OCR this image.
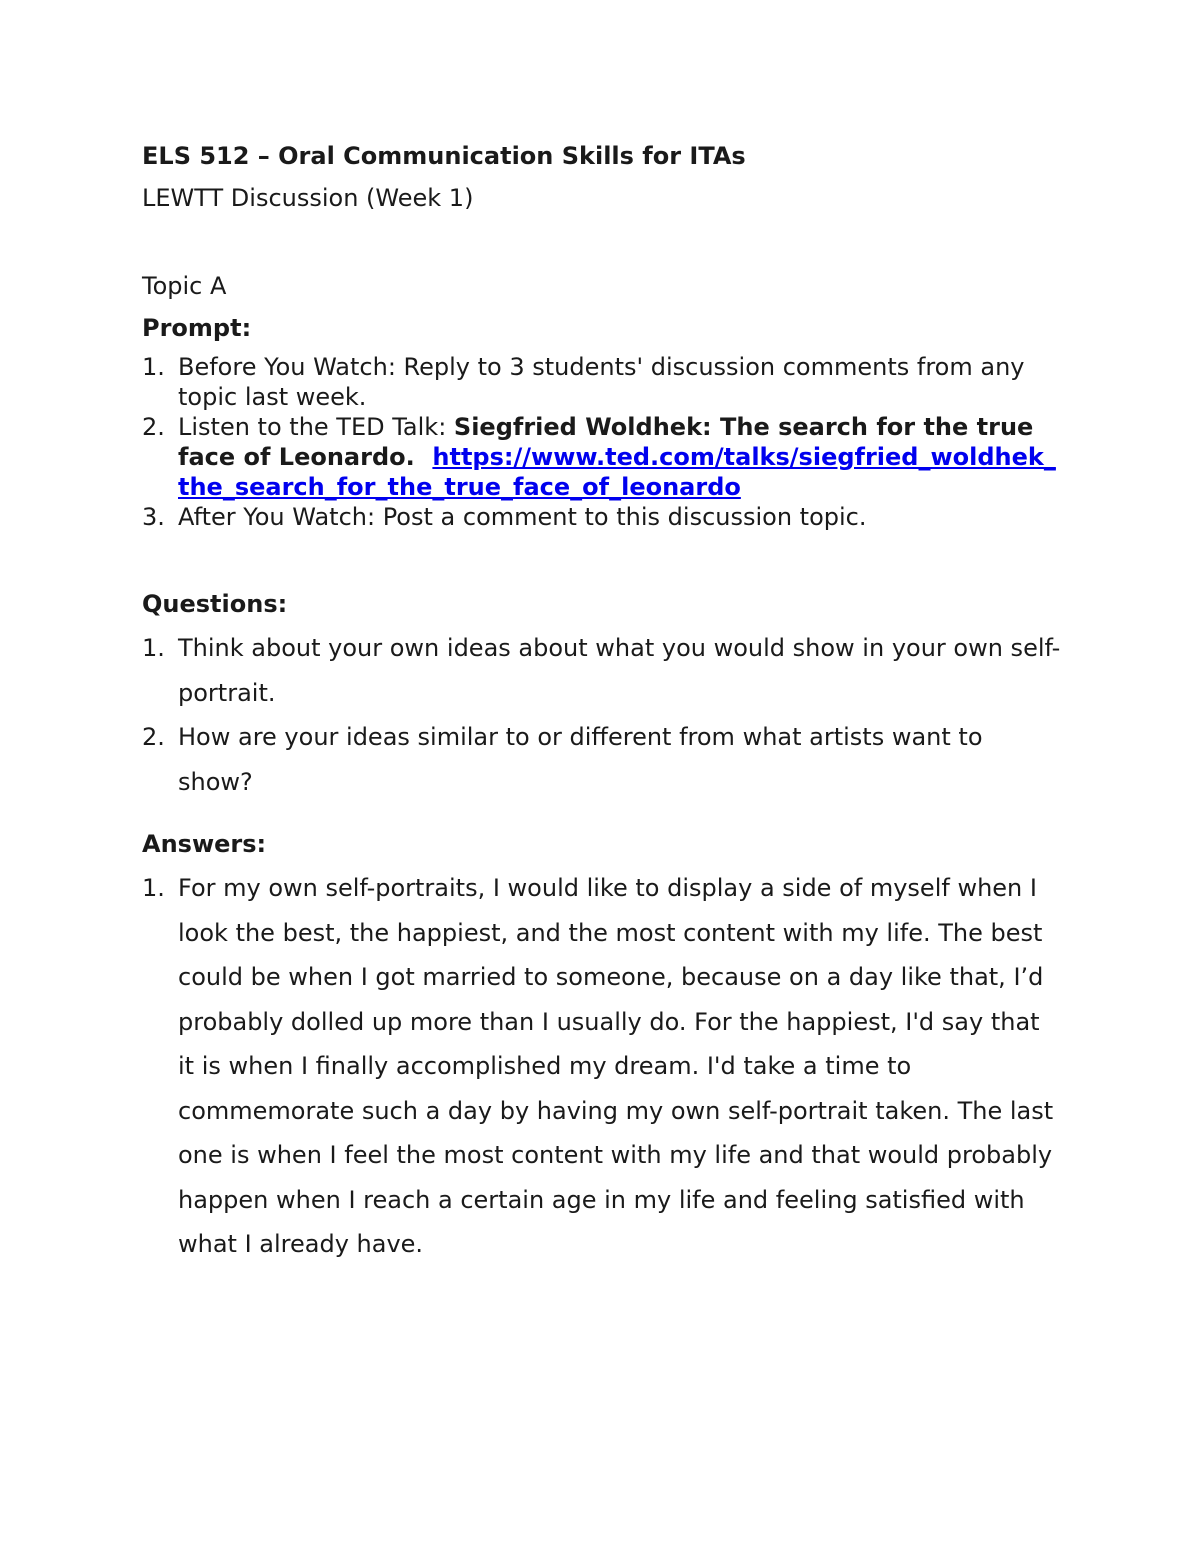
ELS 512 – Oral Communication Skills for ITAs

LEWTT Discussion (Week 1)

Topic A

Prompt:

1. Before You Watch: Reply to 3 students' discussion comments from any topic last week.
2. Listen to the TED Talk: Siegfried Woldhek: The search for the true face of Leonardo. https://www.ted.com/talks/siegfried_woldhek_the_search_for_the_true_face_of_leonardo
3. After You Watch: Post a comment to this discussion topic.

Questions:

1. Think about your own ideas about what you would show in your own self-portrait.
2. How are your ideas similar to or different from what artists want to show?

Answers:

1. For my own self-portraits, I would like to display a side of myself when I look the best, the happiest, and the most content with my life. The best could be when I got married to someone, because on a day like that, I’d probably dolled up more than I usually do. For the happiest, I'd say that it is when I finally accomplished my dream. I'd take a time to commemorate such a day by having my own self-portrait taken. The last one is when I feel the most content with my life and that would probably happen when I reach a certain age in my life and feeling satisfied with what I already have.
